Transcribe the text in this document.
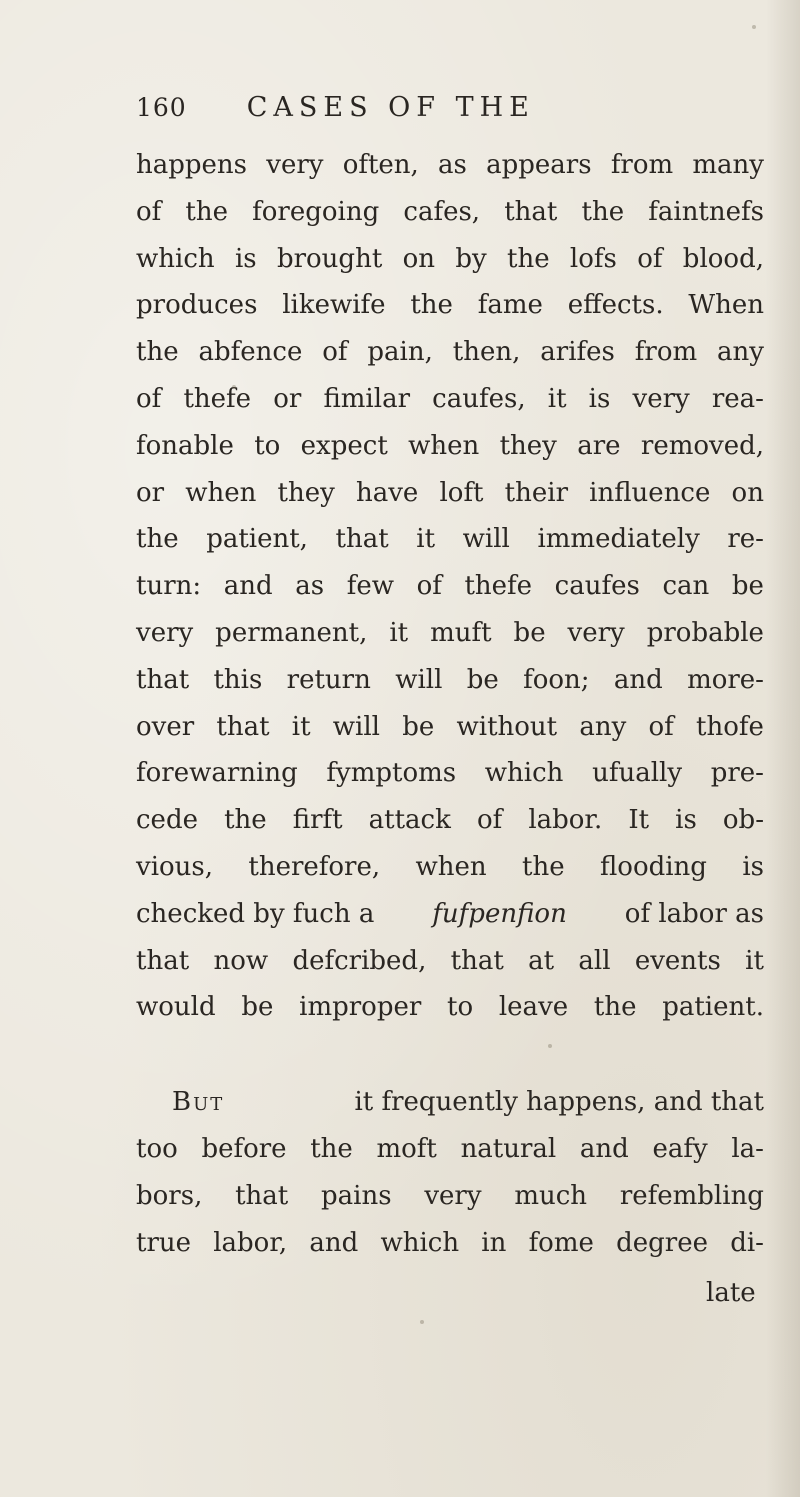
160 CASES OF THE
happens very often, as appears from many
of the foregoing cafes, that the faintnefs
which is brought on by the lofs of blood,
produces likewife the fame effects. When
the abfence of pain, then, arifes from any
of thefe or fimilar caufes, it is very rea-
fonable to expect when they are removed,
or when they have loft their influence on
the patient, that it will immediately re-
turn: and as few of thefe caufes can be
very permanent, it muft be very probable
that this return will be foon; and more-
over that it will be without any of thofe
forewarning fymptoms which ufually pre-
cede the firft attack of labor. It is ob-
vious, therefore, when the flooding is
checked by fuch a fufpenfion of labor as
that now defcribed, that at all events it
would be improper to leave the patient.
But	it frequently happens, and that
too before the moft natural and eafy la-
bors, that pains very much refembling
true labor, and which in fome degree di-
late
